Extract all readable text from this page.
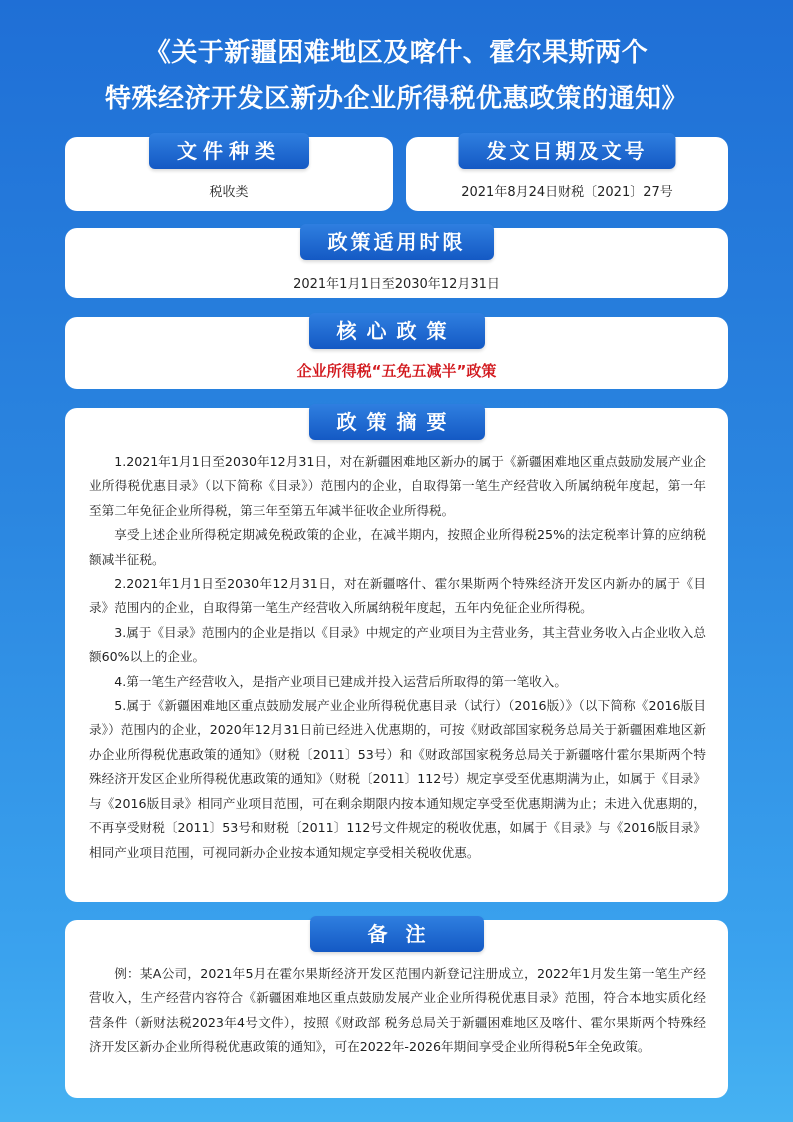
《关于新疆困难地区及喀什、霍尔果斯两个
特殊经济开发区新办企业所得税优惠政策的通知》
文件种类
税收类
发文日期及文号
2021年8月24日财税〔2021〕27号
政策适用时限
2021年1月1日至2030年12月31日
核心政策
企业所得税“五免五减半”政策
政策摘要

1.2021年1月1日至2030年12月31日，对在新疆困难地区新办的属于《新疆困难地区重点鼓励发展产业企业所得税优惠目录》（以下简称《目录》）范围内的企业，自取得第一笔生产经营收入所属纳税年度起，第一年至第二年免征企业所得税，第三年至第五年减半征收企业所得税。

享受上述企业所得税定期减免税政策的企业，在减半期内，按照企业所得税25%的法定税率计算的应纳税额减半征税。

2.2021年1月1日至2030年12月31日，对在新疆喀什、霍尔果斯两个特殊经济开发区内新办的属于《目录》范围内的企业，自取得第一笔生产经营收入所属纳税年度起，五年内免征企业所得税。

3.属于《目录》范围内的企业是指以《目录》中规定的产业项目为主营业务，其主营业务收入占企业收入总额60%以上的企业。

4.第一笔生产经营收入，是指产业项目已建成并投入运营后所取得的第一笔收入。

5.属于《新疆困难地区重点鼓励发展产业企业所得税优惠目录（试行）（2016版）》（以下简称《2016版目录》）范围内的企业，2020年12月31日前已经进入优惠期的，可按《财政部国家税务总局关于新疆困难地区新办企业所得税优惠政策的通知》（财税〔2011〕53号）和《财政部国家税务总局关于新疆喀什霍尔果斯两个特殊经济开发区企业所得税优惠政策的通知》（财税〔2011〕112号）规定享受至优惠期满为止，如属于《目录》与《2016版目录》相同产业项目范围，可在剩余期限内按本通知规定享受至优惠期满为止；未进入优惠期的，不再享受财税〔2011〕53号和财税〔2011〕112号文件规定的税收优惠，如属于《目录》与《2016版目录》相同产业项目范围，可视同新办企业按本通知规定享受相关税收优惠。

备注

例：某A公司，2021年5月在霍尔果斯经济开发区范围内新登记注册成立，2022年1月发生第一笔生产经营收入，生产经营内容符合《新疆困难地区重点鼓励发展产业企业所得税优惠目录》范围，符合本地实质化经营条件（新财法税2023年4号文件），按照《财政部 税务总局关于新疆困难地区及喀什、霍尔果斯两个特殊经济开发区新办企业所得税优惠政策的通知》，可在2022年-2026年期间享受企业所得税5年全免政策。
